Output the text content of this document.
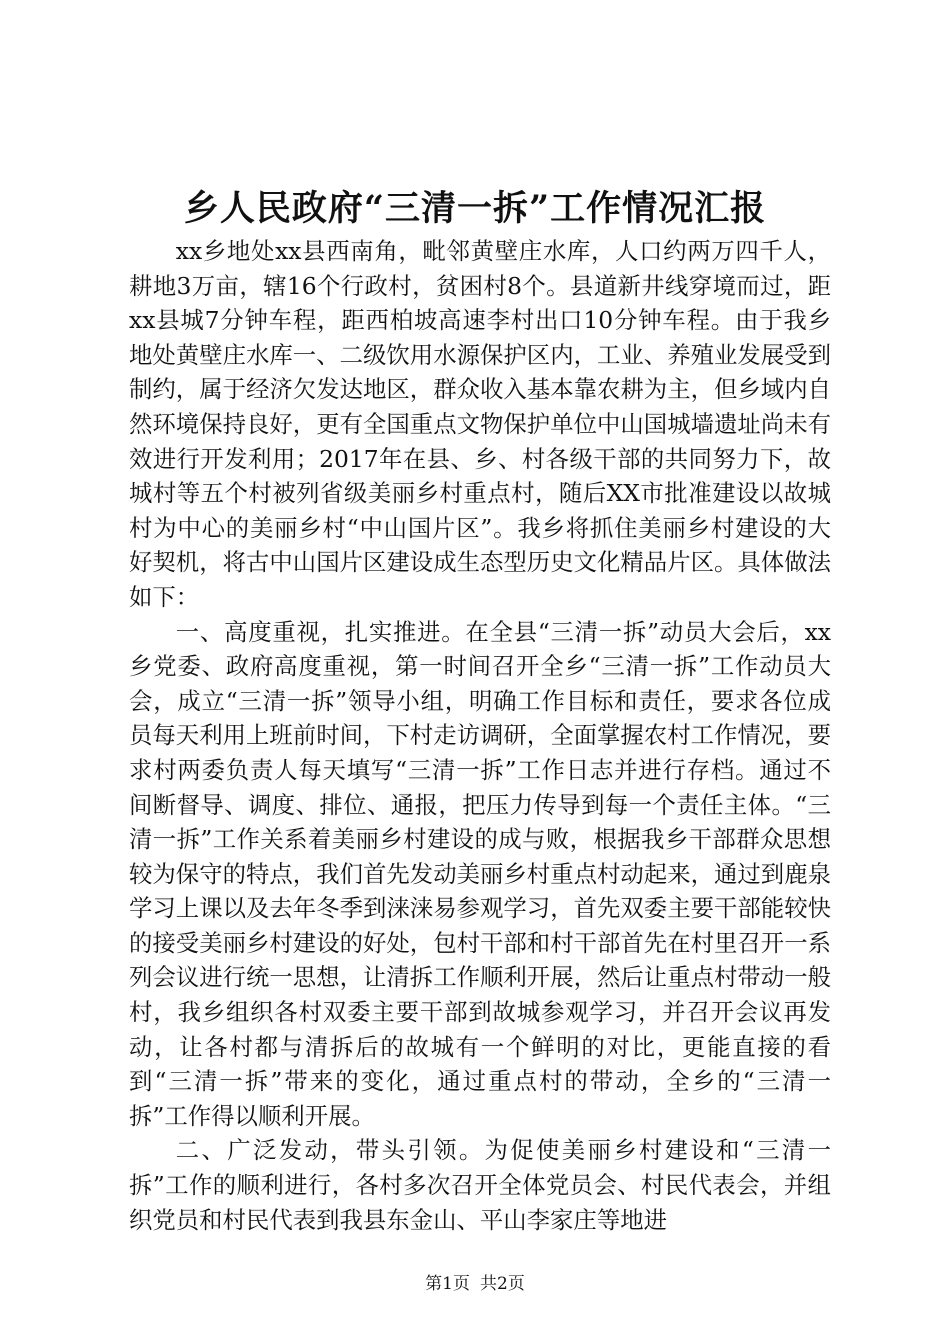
乡人民政府“三清一拆”工作情况汇报

xx乡地处xx县西南角，毗邻黄壁庄水库，人口约两万四千人，耕地3万亩，辖16个行政村，贫困村8个。县道新井线穿境而过，距xx县城7分钟车程，距西柏坡高速李村出口10分钟车程。由于我乡地处黄壁庄水库一、二级饮用水源保护区内，工业、养殖业发展受到制约，属于经济欠发达地区，群众收入基本靠农耕为主，但乡域内自然环境保持良好，更有全国重点文物保护单位中山国城墙遗址尚未有效进行开发利用；2017年在县、乡、村各级干部的共同努力下，故城村等五个村被列省级美丽乡村重点村，随后XX市批准建设以故城村为中心的美丽乡村“中山国片区”。我乡将抓住美丽乡村建设的大好契机，将古中山国片区建设成生态型历史文化精品片区。具体做法如下：

一、高度重视，扎实推进。在全县“三清一拆”动员大会后，xx乡党委、政府高度重视，第一时间召开全乡“三清一拆”工作动员大会，成立“三清一拆”领导小组，明确工作目标和责任，要求各位成员每天利用上班前时间，下村走访调研，全面掌握农村工作情况，要求村两委负责人每天填写“三清一拆”工作日志并进行存档。通过不间断督导、调度、排位、通报，把压力传导到每一个责任主体。“三清一拆”工作关系着美丽乡村建设的成与败，根据我乡干部群众思想较为保守的特点，我们首先发动美丽乡村重点村动起来，通过到鹿泉学习上课以及去年冬季到涞涞易参观学习，首先双委主要干部能较快的接受美丽乡村建设的好处，包村干部和村干部首先在村里召开一系列会议进行统一思想，让清拆工作顺利开展，然后让重点村带动一般村，我乡组织各村双委主要干部到故城参观学习，并召开会议再发动，让各村都与清拆后的故城有一个鲜明的对比，更能直接的看到“三清一拆”带来的变化，通过重点村的带动，全乡的“三清一拆”工作得以顺利开展。

二、广泛发动，带头引领。为促使美丽乡村建设和“三清一拆”工作的顺利进行，各村多次召开全体党员会、村民代表会，并组织党员和村民代表到我县东金山、平山李家庄等地进

第1页 共2页
